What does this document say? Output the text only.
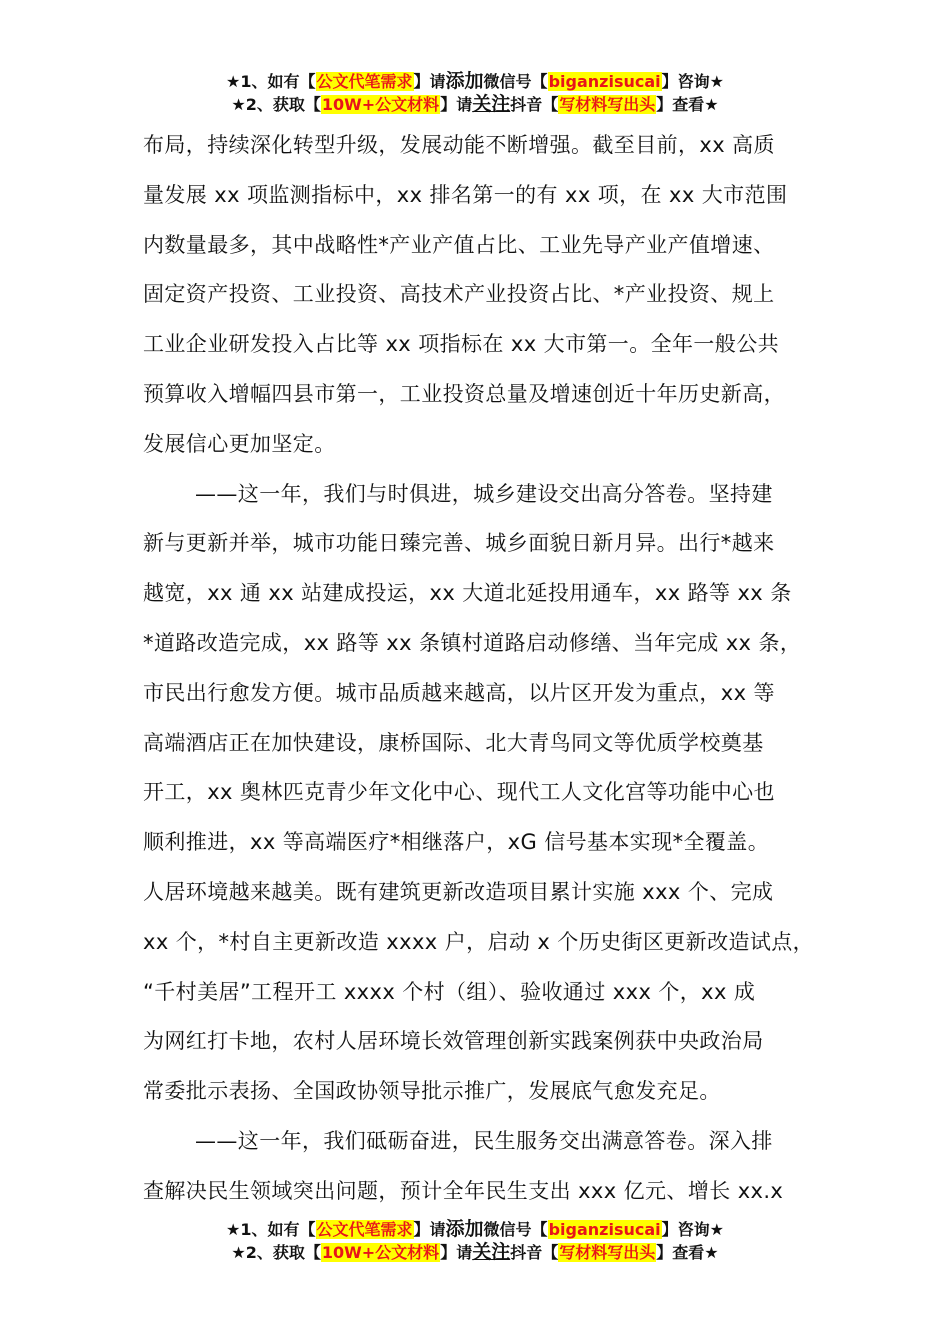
★1、如有【公文代笔需求】请添加微信号【biganzisucai】咨询★
★2、获取【10W+公文材料】请关注抖音【写材料写出头】查看★
布局，持续深化转型升级，发展动能不断增强。截至目前，xx 高质
量发展 xx 项监测指标中，xx 排名第一的有 xx 项，在 xx 大市范围
内数量最多，其中战略性*产业产值占比、工业先导产业产值增速、
固定资产投资、工业投资、高技术产业投资占比、*产业投资、规上
工业企业研发投入占比等 xx 项指标在 xx 大市第一。全年一般公共
预算收入增幅四县市第一，工业投资总量及增速创近十年历史新高，
发展信心更加坚定。
——这一年，我们与时俱进，城乡建设交出高分答卷。坚持建
新与更新并举，城市功能日臻完善、城乡面貌日新月异。出行*越来
越宽，xx 通 xx 站建成投运，xx 大道北延投用通车，xx 路等 xx 条
*道路改造完成，xx 路等 xx 条镇村道路启动修缮、当年完成 xx 条，
市民出行愈发方便。城市品质越来越高，以片区开发为重点，xx 等
高端酒店正在加快建设，康桥国际、北大青鸟同文等优质学校奠基
开工，xx 奥林匹克青少年文化中心、现代工人文化宫等功能中心也
顺利推进，xx 等高端医疗*相继落户，xG 信号基本实现*全覆盖。
人居环境越来越美。既有建筑更新改造项目累计实施 xxx 个、完成
xx 个，*村自主更新改造 xxxx 户，启动 x 个历史街区更新改造试点，
“千村美居”工程开工 xxxx 个村（组）、验收通过 xxx 个，xx 成
为网红打卡地，农村人居环境长效管理创新实践案例获中央政治局
常委批示表扬、全国政协领导批示推广，发展底气愈发充足。
——这一年，我们砥砺奋进，民生服务交出满意答卷。深入排
查解决民生领域突出问题，预计全年民生支出 xxx 亿元、增长 xx.x
★1、如有【公文代笔需求】请添加微信号【biganzisucai】咨询★
★2、获取【10W+公文材料】请关注抖音【写材料写出头】查看★
